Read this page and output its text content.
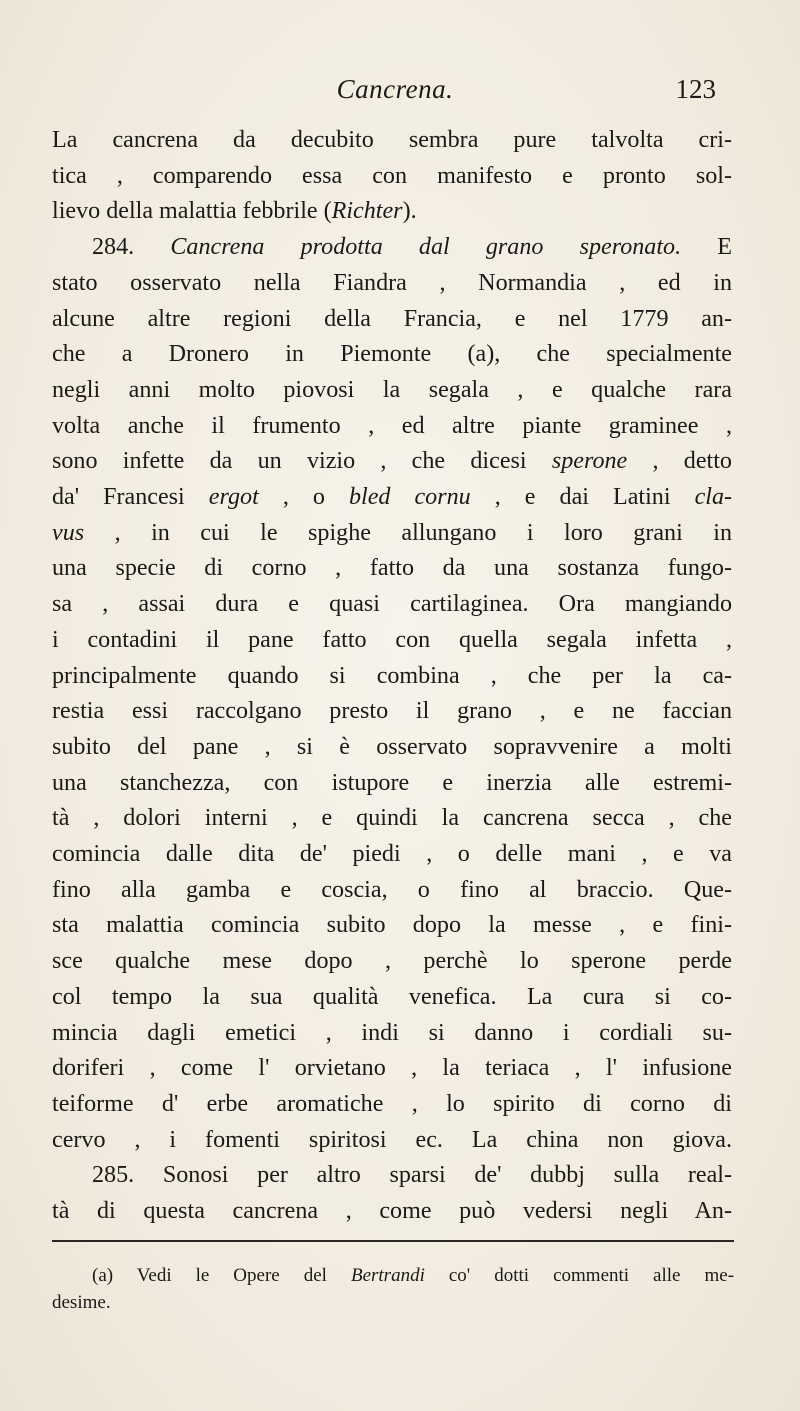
Cancrena.	123
La cancrena da decubito sembra pure talvolta cri-
tica , comparendo essa con manifesto e pronto sol-
lievo della malattia febbrile (Richter).
284. Cancrena prodotta dal grano speronato. E
stato osservato nella Fiandra , Normandia , ed in
alcune altre regioni della Francia, e nel 1779 an-
che a Dronero in Piemonte (a), che specialmente
negli anni molto piovosi la segala , e qualche rara
volta anche il frumento , ed altre piante graminee ,
sono infette da un vizio , che dicesi sperone , detto
da' Francesi ergot , o bled cornu , e dai Latini cla-
vus , in cui le spighe allungano i loro grani in
una specie di corno , fatto da una sostanza fungo-
sa , assai dura e quasi cartilaginea. Ora mangiando
i contadini il pane fatto con quella segala infetta ,
principalmente quando si combina , che per la ca-
restia essi raccolgano presto il grano , e ne faccian
subito del pane , si è osservato sopravvenire a molti
una stanchezza, con istupore e inerzia alle estremi-
tà , dolori interni , e quindi la cancrena secca , che
comincia dalle dita de' piedi , o delle mani , e va
fino alla gamba e coscia, o fino al braccio. Que-
sta malattia comincia subito dopo la messe , e fini-
sce qualche mese dopo , perchè lo sperone perde
col tempo la sua qualità venefica. La cura si co-
mincia dagli emetici , indi si danno i cordiali su-
doriferi , come l' orvietano , la teriaca , l' infusione
teiforme d' erbe aromatiche , lo spirito di corno di
cervo , i fomenti spiritosi ec. La china non giova.
285. Sonosi per altro sparsi de' dubbj sulla real-
tà di questa cancrena , come può vedersi negli An-
(a) Vedi le Opere del Bertrandi co' dotti commenti alle me-
desime.
